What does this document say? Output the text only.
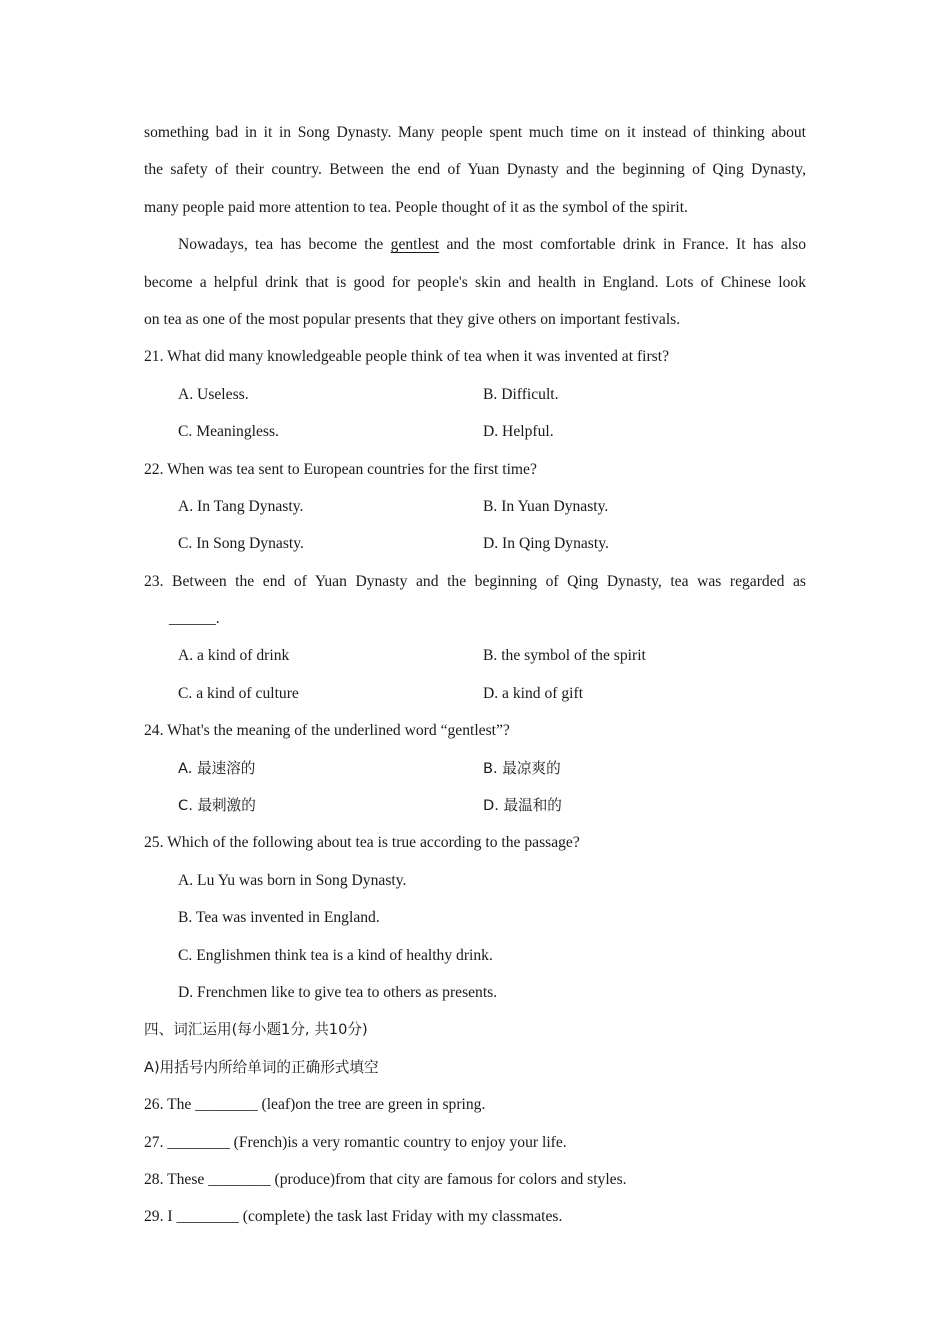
something bad in it in Song Dynasty. Many people spent much time on it instead of thinking about
the safety of their country. Between the end of Yuan Dynasty and the beginning of Qing Dynasty,
many people paid more attention to tea. People thought of it as the symbol of the spirit.
Nowadays, tea has become the gentlest and the most comfortable drink in France. It has also
become a helpful drink that is good for people's skin and health in England. Lots of Chinese look
on tea as one of the most popular presents that they give others on important festivals.
21. What did many knowledgeable people think of tea when it was invented at first?
A. Useless.	B. Difficult.
C. Meaningless.	D. Helpful.
22. When was tea sent to European countries for the first time?
A. In Tang Dynasty.	B. In Yuan Dynasty.
C. In Song Dynasty.	D. In Qing Dynasty.
23. Between the end of Yuan Dynasty and the beginning of Qing Dynasty, tea was regarded as
______.
A. a kind of drink	B. the symbol of the spirit
C. a kind of culture	D. a kind of gift
24. What's the meaning of the underlined word “gentlest”?
A. 最速溶的	B. 最凉爽的
C. 最刺激的	D. 最温和的
25. Which of the following about tea is true according to the passage?
A. Lu Yu was born in Song Dynasty.
B. Tea was invented in England.
C. Englishmen think tea is a kind of healthy drink.
D. Frenchmen like to give tea to others as presents.
四、词汇运用(每小题1分, 共10分)
A)用括号内所给单词的正确形式填空
26. The ________ (leaf)on the tree are green in spring.
27. ________ (French)is a very romantic country to enjoy your life.
28. These ________ (produce)from that city are famous for colors and styles.
29. I ________ (complete) the task last Friday with my classmates.
